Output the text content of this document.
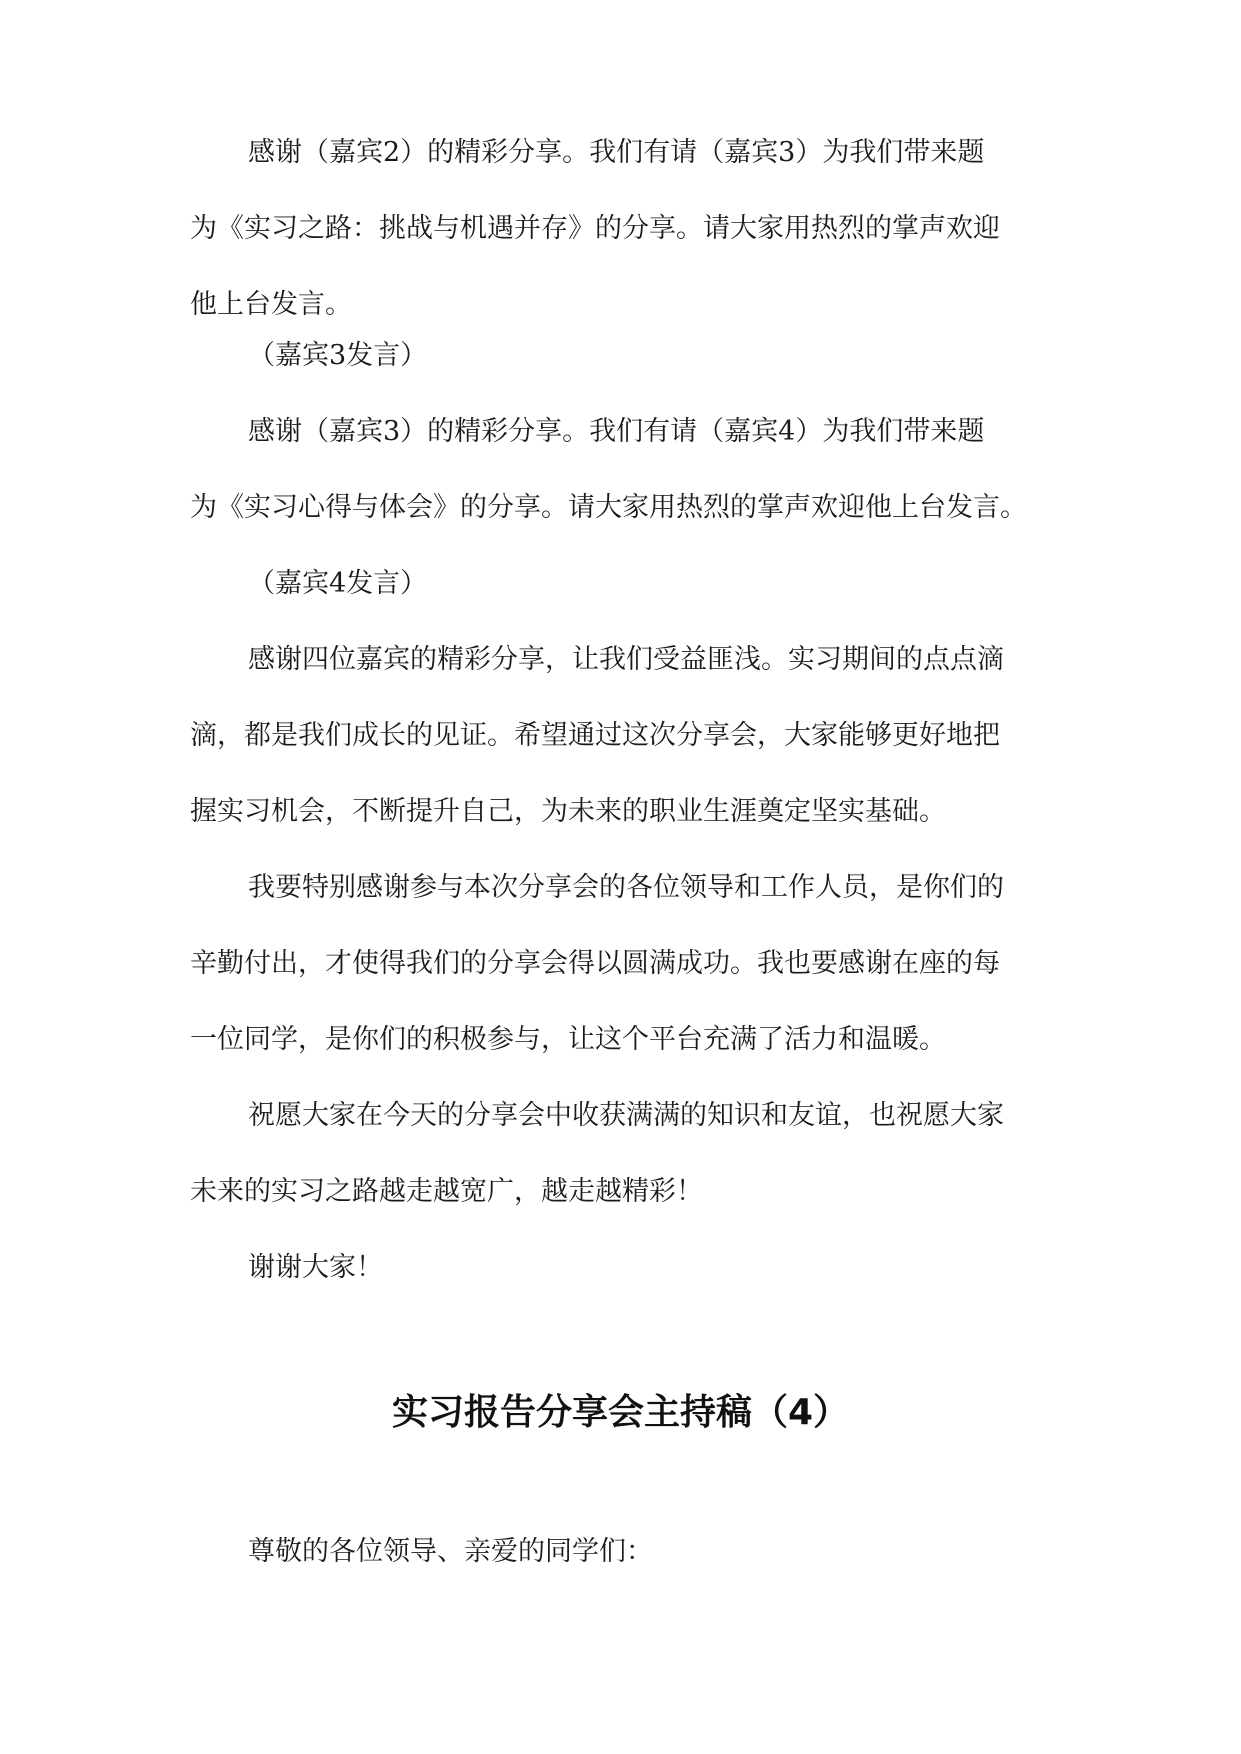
感谢（嘉宾2）的精彩分享。我们有请（嘉宾3）为我们带来题
为《实习之路：挑战与机遇并存》的分享。请大家用热烈的掌声欢迎
他上台发言。
（嘉宾3发言）
感谢（嘉宾3）的精彩分享。我们有请（嘉宾4）为我们带来题
为《实习心得与体会》的分享。请大家用热烈的掌声欢迎他上台发言。
（嘉宾4发言）
感谢四位嘉宾的精彩分享，让我们受益匪浅。实习期间的点点滴
滴，都是我们成长的见证。希望通过这次分享会，大家能够更好地把
握实习机会，不断提升自己，为未来的职业生涯奠定坚实基础。
我要特别感谢参与本次分享会的各位领导和工作人员，是你们的
辛勤付出，才使得我们的分享会得以圆满成功。我也要感谢在座的每
一位同学，是你们的积极参与，让这个平台充满了活力和温暖。
祝愿大家在今天的分享会中收获满满的知识和友谊，也祝愿大家
未来的实习之路越走越宽广，越走越精彩！
谢谢大家！
实习报告分享会主持稿（4）
尊敬的各位领导、亲爱的同学们：
